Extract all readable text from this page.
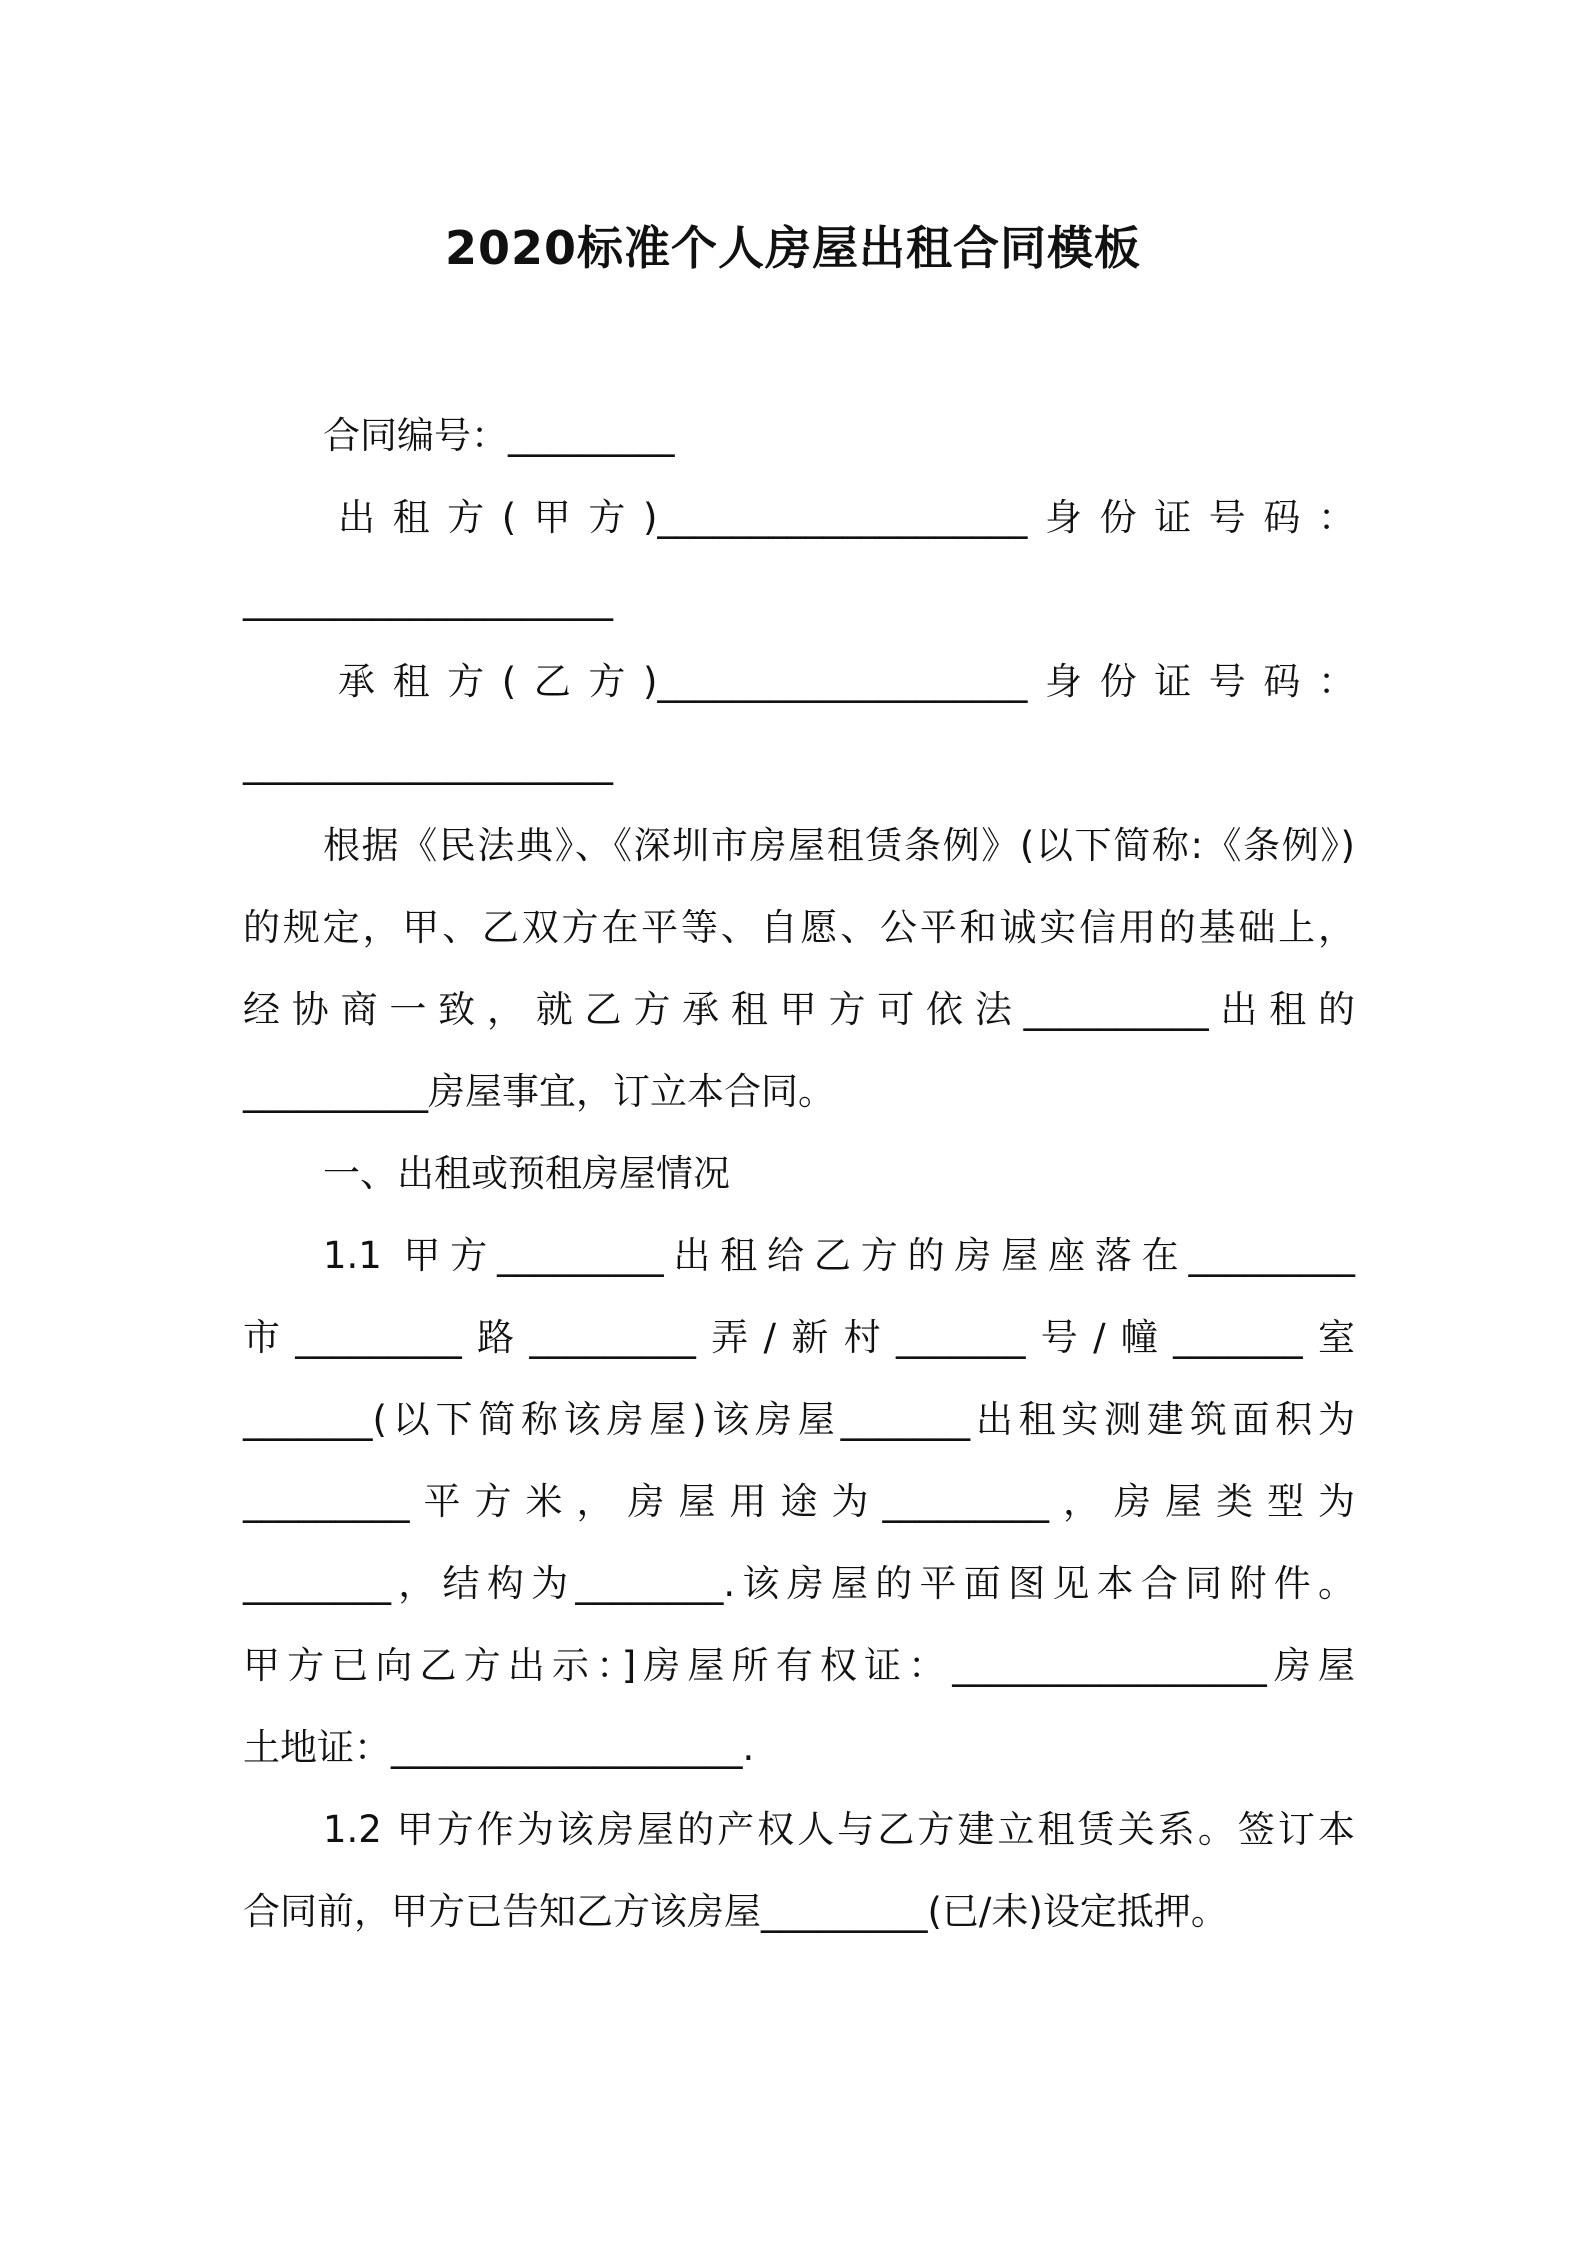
2020标准个人房屋出租合同模板
合同编号：_________
出租方(甲方)____________________身份证号码：
____________________
承租方(乙方)____________________身份证号码：
____________________
根据《民法典》、《深圳市房屋租赁条例》(以下简称:《条例》)
的规定，甲、乙双方在平等、自愿、公平和诚实信用的基础上，
经协商一致，就乙方承租甲方可依法__________出租的
__________房屋事宜，订立本合同。
一、出租或预租房屋情况
1.1 甲方_________出租给乙方的房屋座落在_________
市_________路_________弄/新村_______号/幢_______室
_______(以下简称该房屋)该房屋_______出租实测建筑面积为
_________平方米，房屋用途为_________，房屋类型为
________，结构为________.该房屋的平面图见本合同附件。
甲方已向乙方出示：]房屋所有权证：_________________房屋
土地证：___________________.
1.2 甲方作为该房屋的产权人与乙方建立租赁关系。签订本
合同前，甲方已告知乙方该房屋_________(已/未)设定抵押。
